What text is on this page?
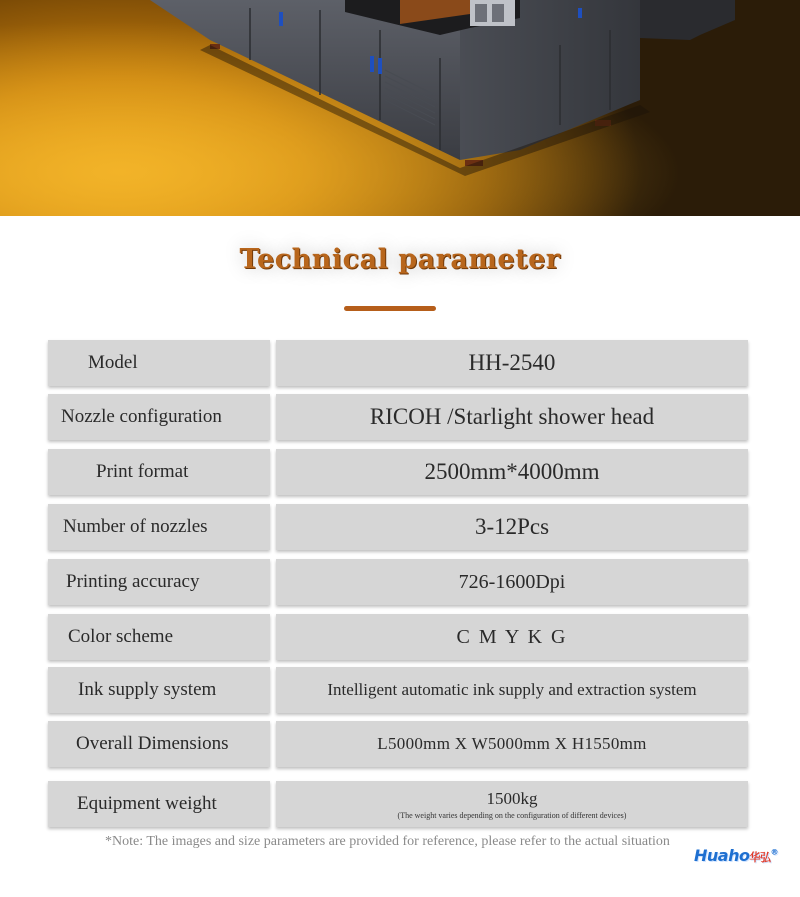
Technical parameter
Model	HH-2540
Nozzle configuration	RICOH /Starlight shower head
Print format	2500mm*4000mm
Number of nozzles	3-12Pcs
Printing accuracy	726-1600Dpi
Color scheme	C M Y K G
Ink supply system	Intelligent automatic ink supply and extraction system
Overall Dimensions	L5000mm X W5000mm X H1550mm
Equipment weight	1500kg
(The weight varies depending on the configuration of different devices)
*Note: The images and size parameters are provided for reference, please refer to the actual situation
Huaho华弘®
